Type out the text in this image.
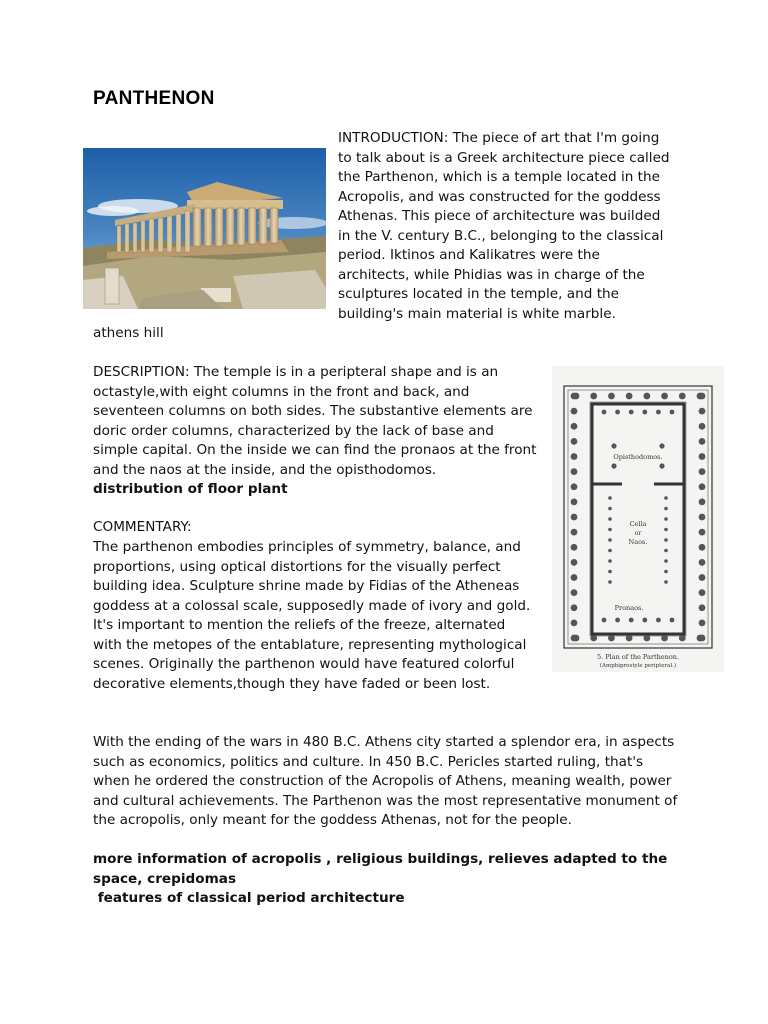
PANTHENON
INTRODUCTION: The piece of art that I'm going to talk about is a Greek architecture piece called the Parthenon, which is a temple located in the Acropolis, and was constructed for the goddess Athenas. This piece of architecture was builded in the V. century B.C., belonging to the classical period. Iktinos and Kalikatres were the architects, while Phidias was in charge of the sculptures located in the temple, and the building's main material is white marble.
athens hill
DESCRIPTION: The temple is in a peripteral shape and is an octastyle,with eight columns in the front and back, and seventeen columns on both sides. The substantive elements are doric order columns, characterized by the lack of base and simple capital. On the inside we can find the pronaos at the front and the naos at the inside, and the opisthodomos.
distribution of floor plant
Opisthodomos.
Cella
or
Naos.
Pronaos.
5. Plan of the Parthenon.
(Amphiprostyle peripteral.)
COMMENTARY:
The parthenon embodies principles of symmetry, balance, and proportions, using optical distortions for the visually perfect building idea. Sculpture shrine made by Fidias of the Atheneas goddess at a colossal scale, supposedly made of ivory and gold. It's important to mention the reliefs of the freeze, alternated with the metopes of the entablature, representing mythological scenes. Originally the parthenon would have featured colorful decorative elements,though they have faded or been lost.
With the ending of the wars in 480 B.C. Athens city started a splendor era, in aspects such as economics, politics and culture. In 450 B.C. Pericles started ruling, that's when he ordered the construction of the Acropolis of Athens, meaning wealth, power and cultural achievements. The Parthenon was the most representative monument of the acropolis, only meant for the goddess Athenas, not for the people.
more information of acropolis , religious buildings, relieves adapted to the space, crepidomas
features of classical period architecture
